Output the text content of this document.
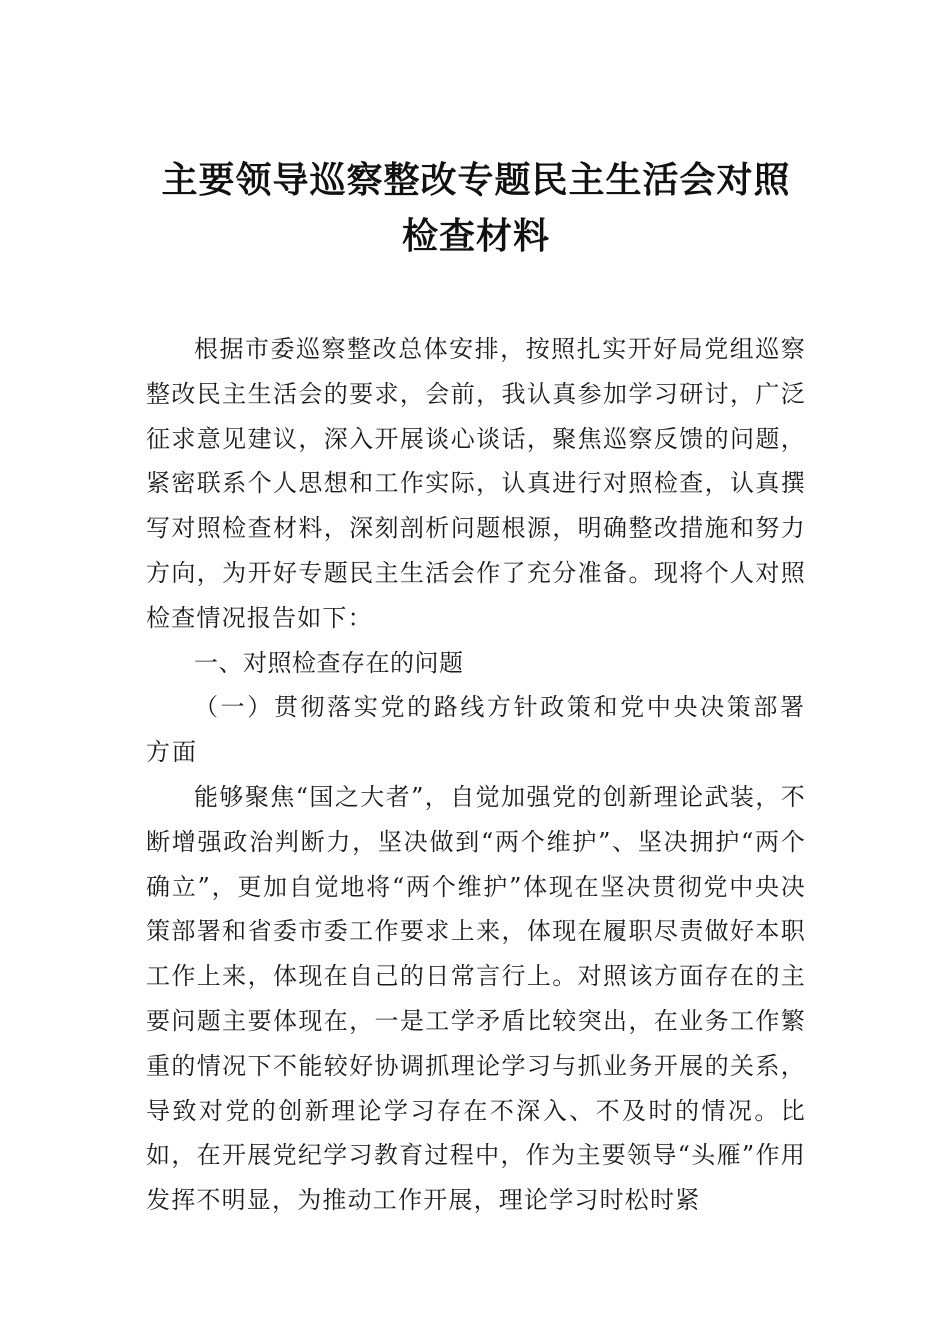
主要领导巡察整改专题民主生活会对照检查材料

根据市委巡察整改总体安排，按照扎实开好局党组巡察整改民主生活会的要求，会前，我认真参加学习研讨，广泛征求意见建议，深入开展谈心谈话，聚焦巡察反馈的问题，紧密联系个人思想和工作实际，认真进行对照检查，认真撰写对照检查材料，深刻剖析问题根源，明确整改措施和努力方向，为开好专题民主生活会作了充分准备。现将个人对照检查情况报告如下：

一、对照检查存在的问题

（一）贯彻落实党的路线方针政策和党中央决策部署方面

能够聚焦“国之大者”，自觉加强党的创新理论武装，不断增强政治判断力，坚决做到“两个维护”、坚决拥护“两个确立”，更加自觉地将“两个维护”体现在坚决贯彻党中央决策部署和省委市委工作要求上来，体现在履职尽责做好本职工作上来，体现在自己的日常言行上。对照该方面存在的主要问题主要体现在，一是工学矛盾比较突出，在业务工作繁重的情况下不能较好协调抓理论学习与抓业务开展的关系，导致对党的创新理论学习存在不深入、不及时的情况。比如，在开展党纪学习教育过程中，作为主要领导“头雁”作用发挥不明显，为推动工作开展，理论学习时松时紧
